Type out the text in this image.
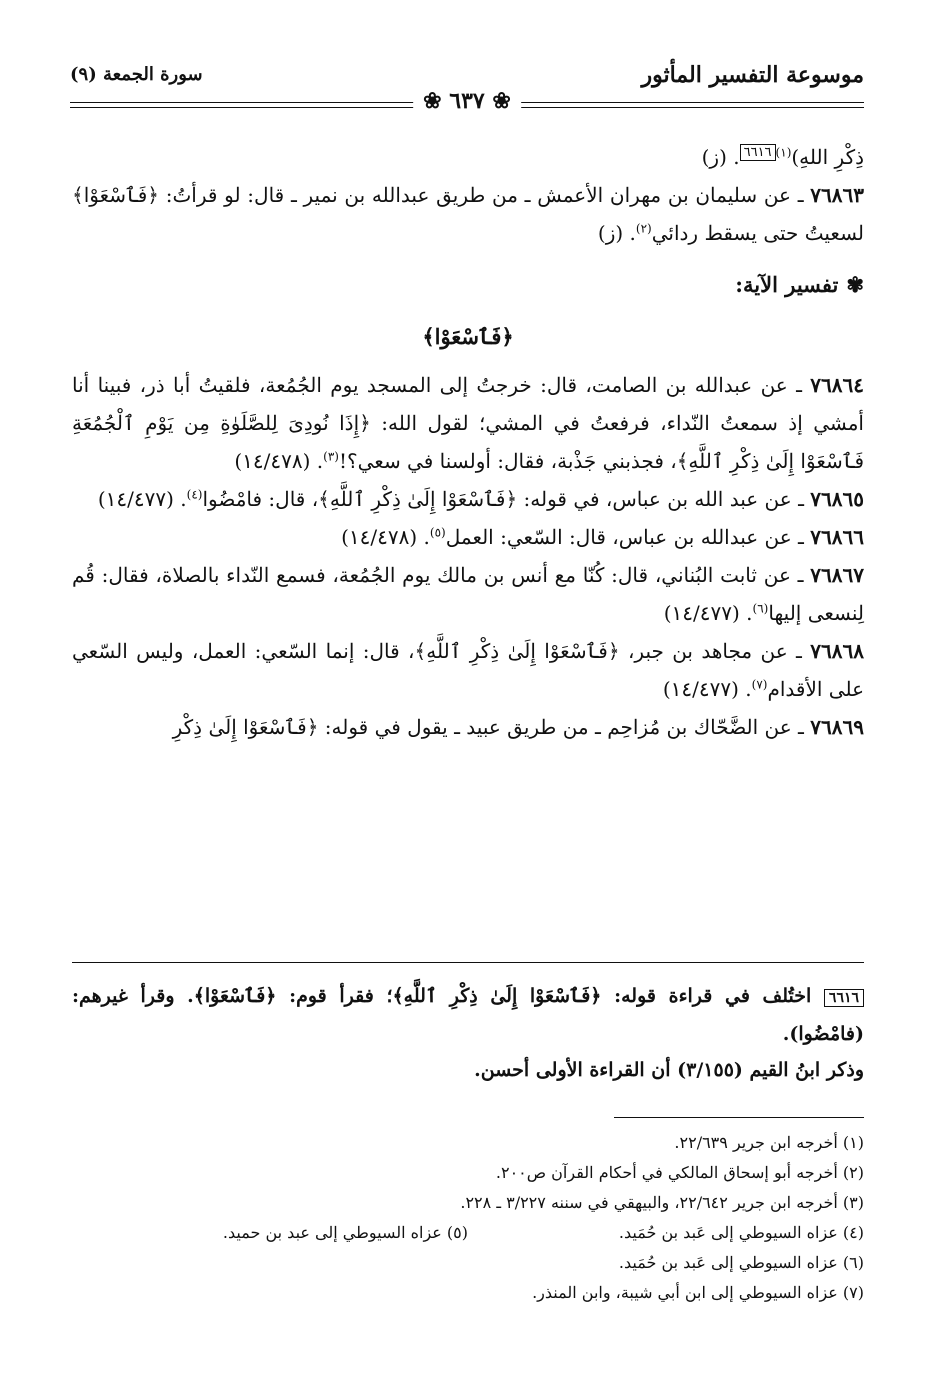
موسوعة التفسير المأثور
سورة الجمعة (٩)
❀ ٦٣٧ ❀

ذِكْرِ اللهِ)$^{(١)٦٦١٦}$. (ز)

٧٦٨٦٣ ـ عن سليمان بن مهران الأعمش ـ من طريق عبدالله بن نمير ـ قال: لو قرأتُ: ﴿فَٱسْعَوْا﴾ لسعيتُ حتى يسقط ردائي$^{(٢)}$. (ز)

✾تفسير الآية:
﴿فَٱسْعَوْا﴾

٧٦٨٦٤ ـ عن عبدالله بن الصامت، قال: خرجتُ إلى المسجد يوم الجُمُعة، فلقيتُ أبا ذر، فبينا أنا أمشي إذ سمعتُ النّداء، فرفعتُ في المشي؛ لقول الله: ﴿إِذَا نُودِىَ لِلصَّلَوٰةِ مِن يَوْمِ ٱلْجُمُعَةِ فَٱسْعَوْا إِلَىٰ ذِكْرِ ٱللَّهِ﴾، فجذبني جَذْبة، فقال: أولسنا في سعي؟!$^{(٣)}$. (١٤/٤٧٨)

٧٦٨٦٥ ـ عن عبد الله بن عباس، في قوله: ﴿فَٱسْعَوْا إِلَىٰ ذِكْرِ ٱللَّهِ﴾، قال: فامْضُوا$^{(٤)}$. (١٤/٤٧٧)

٧٦٨٦٦ ـ عن عبدالله بن عباس، قال: السّعي: العمل$^{(٥)}$. (١٤/٤٧٨)

٧٦٨٦٧ ـ عن ثابت البُناني، قال: كُنّا مع أنس بن مالك يوم الجُمُعة، فسمع النّداء بالصلاة، فقال: قُم لِنسعى إليها$^{(٦)}$. (١٤/٤٧٧)

٧٦٨٦٨ ـ عن مجاهد بن جبر، ﴿فَٱسْعَوْا إِلَىٰ ذِكْرِ ٱللَّهِ﴾، قال: إنما السّعي: العمل، وليس السّعي على الأقدام$^{(٧)}$. (١٤/٤٧٧)

٧٦٨٦٩ ـ عن الضَّحّاك بن مُزاحِم ـ من طريق عبيد ـ يقول في قوله: ﴿فَٱسْعَوْا إِلَىٰ ذِكْرِ

٦٦١٦ اختُلف في قراءة قوله: ﴿فَٱسْعَوْا إِلَىٰ ذِكْرِ ٱللَّهِ﴾؛ فقرأ قوم: ﴿فَٱسْعَوْا﴾. وقرأ غيرهم: (فامْضُوا).
وذكر ابنُ القيم (٣/١٥٥) أن القراءة الأولى أحسن.

(١) أخرجه ابن جرير ٢٢/٦٣٩.

(٢) أخرجه أبو إسحاق المالكي في أحكام القرآن ص٢٠٠.

(٣) أخرجه ابن جرير ٢٢/٦٤٢، والبيهقي في سننه ٣/٢٢٧ ـ ٢٢٨.

(٤) عزاه السيوطي إلى عَبد بن حُمَيد.

(٥) عزاه السيوطي إلى عبد بن حميد.

(٦) عزاه السيوطي إلى عَبد بن حُمَيد.

(٧) عزاه السيوطي إلى ابن أبي شيبة، وابن المنذر.
